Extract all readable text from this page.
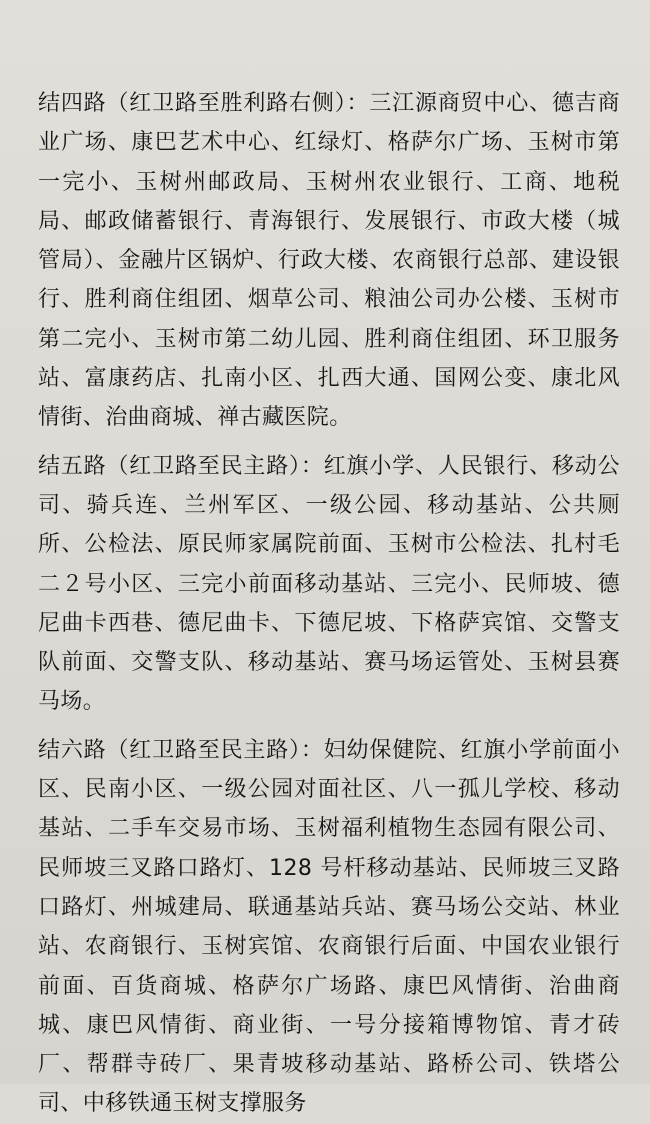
结四路（红卫路至胜利路右侧）：三江源商贸中心、德吉商业广场、康巴艺术中心、红绿灯、格萨尔广场、玉树市第一完小、玉树州邮政局、玉树州农业银行、工商、地税局、邮政储蓄银行、青海银行、发展银行、市政大楼（城管局）、金融片区锅炉、行政大楼、农商银行总部、建设银行、胜利商住组团、烟草公司、粮油公司办公楼、玉树市第二完小、玉树市第二幼儿园、胜利商住组团、环卫服务站、富康药店、扎南小区、扎西大通、国网公变、康北风情街、治曲商城、禅古藏医院。

结五路（红卫路至民主路）：红旗小学、人民银行、移动公司、骑兵连、兰州军区、一级公园、移动基站、公共厕所、公检法、原民师家属院前面、玉树市公检法、扎村毛二２号小区、三完小前面移动基站、三完小、民师坡、德尼曲卡西巷、德尼曲卡、下德尼坡、下格萨宾馆、交警支队前面、交警支队、移动基站、赛马场运管处、玉树县赛马场。

结六路（红卫路至民主路）：妇幼保健院、红旗小学前面小区、民南小区、一级公园对面社区、八一孤儿学校、移动基站、二手车交易市场、玉树福利植物生态园有限公司、民师坡三叉路口路灯、128 号杆移动基站、民师坡三叉路口路灯、州城建局、联通基站兵站、赛马场公交站、林业站、农商银行、玉树宾馆、农商银行后面、中国农业银行前面、百货商城、格萨尔广场路、康巴风情街、治曲商城、康巴风情街、商业街、一号分接箱博物馆、青才砖厂、帮群寺砖厂、果青坡移动基站、路桥公司、铁塔公司、中移铁通玉树支撑服务
